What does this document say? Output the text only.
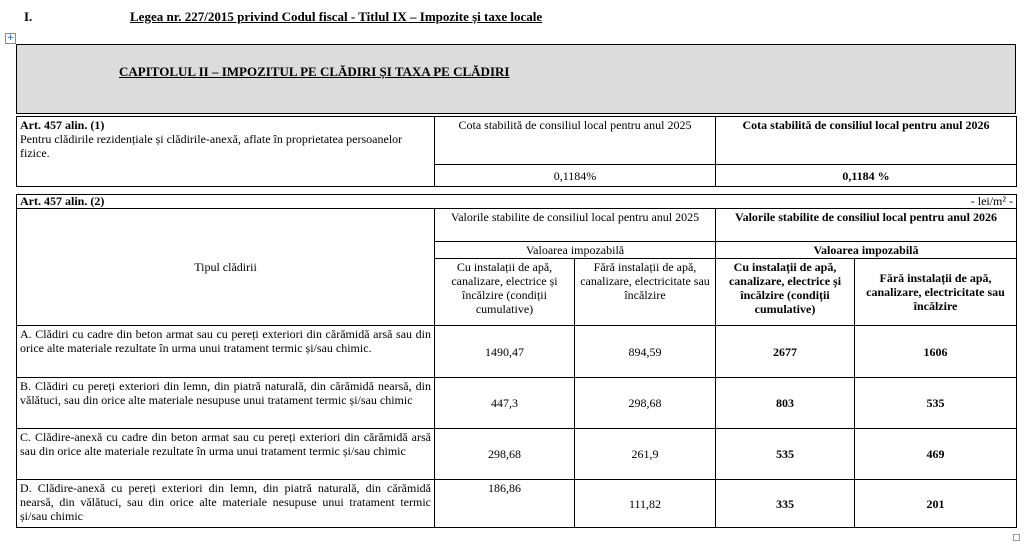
I.	Legea nr. 227/2015 privind Codul fiscal - Titlul IX – Impozite și taxe locale
+
CAPITOLUL II – IMPOZITUL PE CLĂDIRI ȘI TAXA PE CLĂDIRI
Art. 457 alin. (1)
Pentru clădirile rezidențiale și clădirile-anexă, aflate în proprietatea persoanelor fizice.	Cota stabilită de consiliul local pentru anul 2025	Cota stabilită de consiliul local pentru anul 2026
	0,1184%	0,1184 %
Art. 457 alin. (2) - lei/m² -				

Tipul clădirii	Valorile stabilite de consiliul local pentru anul 2025		Valorile stabilite de consiliul local pentru anul 2026	
	Valoarea impozabilă		Valoarea impozabilă	
	Cu instalații de apă, canalizare, electrice și încălzire (condiții cumulative)	Fără instalații de apă, canalizare, electricitate sau încălzire	Cu instalații de apă, canalizare, electrice și încălzire (condiții cumulative)	Fără instalații de apă, canalizare, electricitate sau încălzire
A. Clădiri cu cadre din beton armat sau cu pereți exteriori din cărămidă arsă sau din orice alte materiale rezultate în urma unui tratament termic și/sau chimic.	1490,47	894,59	2677	1606
B. Clădiri cu pereți exteriori din lemn, din piatră naturală, din cărămidă nearsă, din vălătuci, sau din orice alte materiale nesupuse unui tratament termic și/sau chimic	447,3	298,68	803	535
C. Clădire-anexă cu cadre din beton armat sau cu pereți exteriori din cărămidă arsă sau din orice alte materiale rezultate în urma unui tratament termic și/sau chimic	298,68	261,9	535	469
D. Clădire-anexă cu pereți exteriori din lemn, din piatră naturală, din cărămidă nearsă, din vălătuci, sau din orice alte materiale nesupuse unui tratament termic și/sau chimic	186,86	111,82	335	201
